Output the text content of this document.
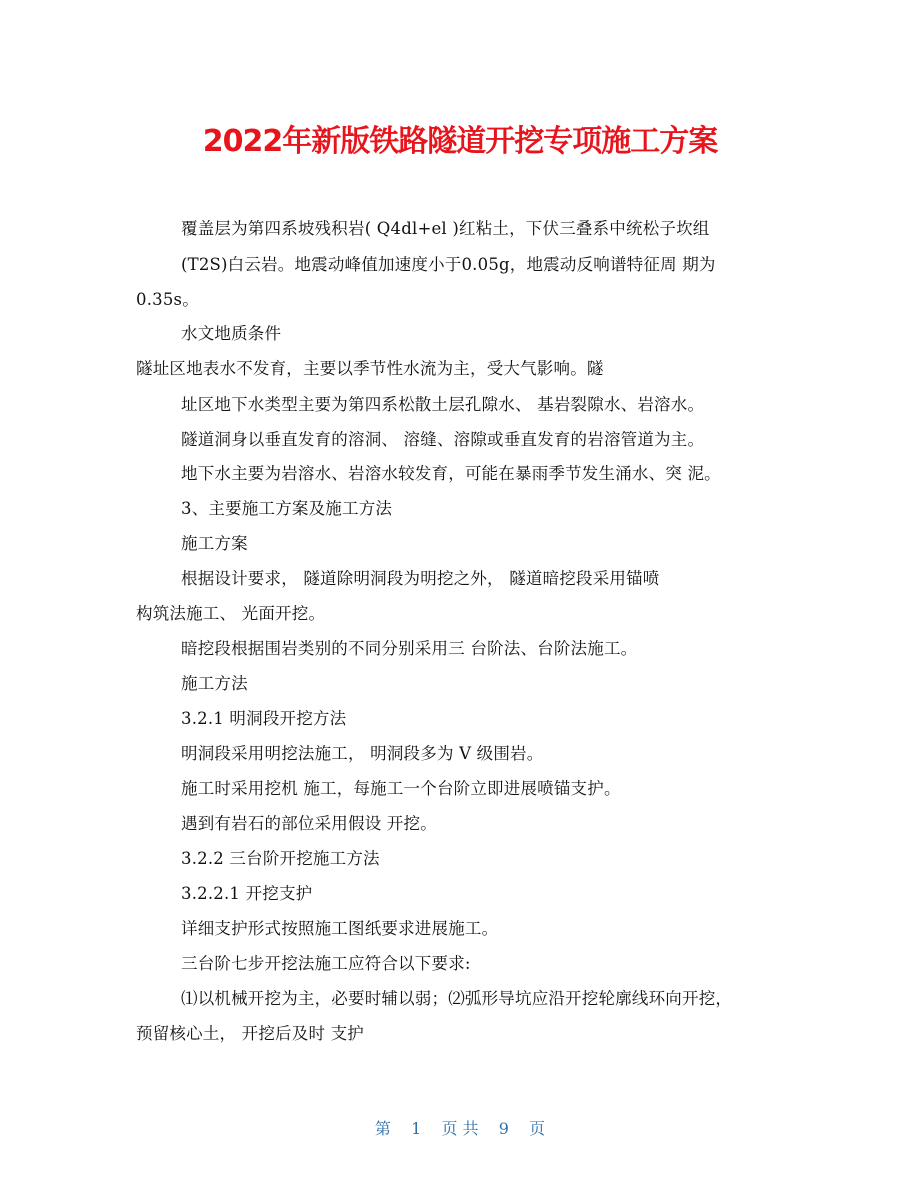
2022年新版铁路隧道开挖专项施工方案
覆盖层为第四系坡残积岩( Q4dl+el )红粘土，下伏三叠系中统松子坎组
(T2S)白云岩。地震动峰值加速度小于0.05g，地震动反响谱特征周 期为
0.35s。
水文地质条件
隧址区地表水不发育，主要以季节性水流为主，受大气影响。隧
址区地下水类型主要为第四系松散土层孔隙水、 基岩裂隙水、岩溶水。
隧道洞身以垂直发育的溶洞、 溶缝、溶隙或垂直发育的岩溶管道为主。
地下水主要为岩溶水、岩溶水较发育，可能在暴雨季节发生涌水、突 泥。
3、主要施工方案及施工方法
施工方案
根据设计要求， 隧道除明洞段为明挖之外， 隧道暗挖段采用锚喷
构筑法施工、 光面开挖。
暗挖段根据围岩类别的不同分别采用三 台阶法、台阶法施工。
施工方法
3.2.1 明洞段开挖方法
明洞段采用明挖法施工， 明洞段多为 V 级围岩。
施工时采用挖机 施工，每施工一个台阶立即进展喷锚支护。
遇到有岩石的部位采用假设 开挖。
3.2.2 三台阶开挖施工方法
3.2.2.1 开挖支护
详细支护形式按照施工图纸要求进展施工。
三台阶七步开挖法施工应符合以下要求:
⑴以机械开挖为主，必要时辅以弱；⑵弧形导坑应沿开挖轮廓线环向开挖，
预留核心土， 开挖后及时 支护
第 1 页 共 9 页
